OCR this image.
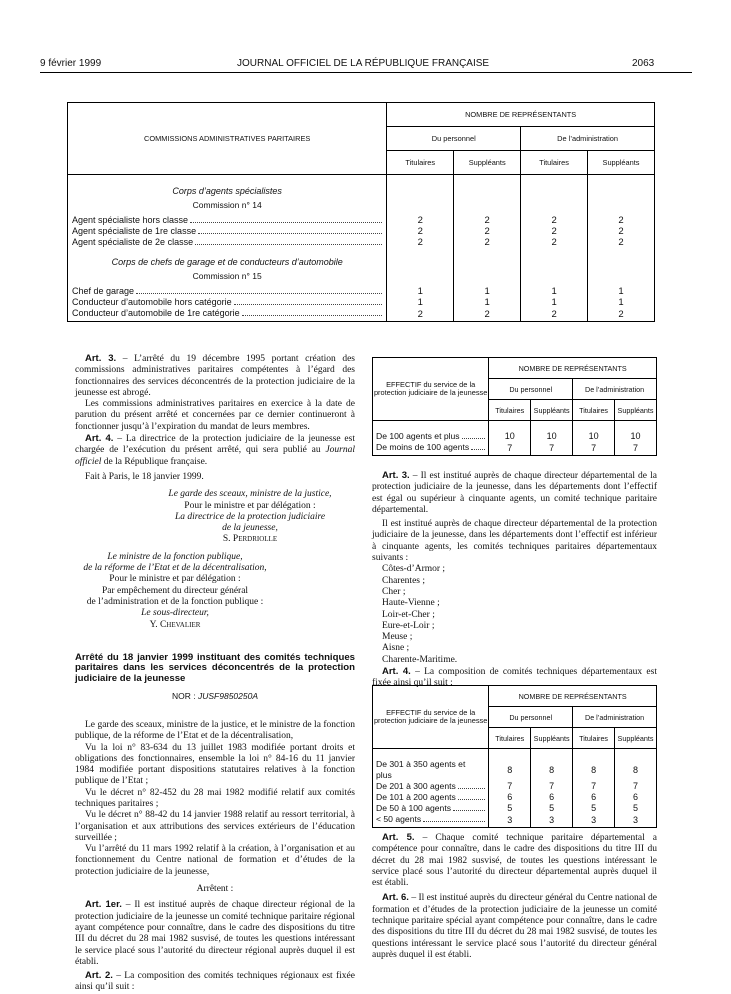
9 février 1999	JOURNAL OFFICIEL DE LA RÉPUBLIQUE FRANÇAISE	2063
COMMISSIONS ADMINISTRATIVES PARITAIRES	NOMBRE DE REPRÉSENTANTS			
	Du personnel		De l’administration	
	Titulaires	Suppléants	Titulaires	Suppléants
Corps d’agents spécialistes				
Commission n° 14				

Agent spécialiste hors classe	2	2	2	2

Agent spécialiste de 1re classe	2	2	2	2

Agent spécialiste de 2e classe	2	2	2	2
Corps de chefs de garage et de conducteurs d’automobile				
Commission n° 15				

Chef de garage	1	1	1	1

Conducteur d’automobile hors catégorie	1	1	1	1

Conducteur d’automobile de 1re catégorie	2	2	2	2

Art. 3. – L’arrêté du 19 décembre 1995 portant création des commissions administratives paritaires compétentes à l’égard des fonctionnaires des services déconcentrés de la protection judiciaire de la jeunesse est abrogé.

Les commissions administratives paritaires en exercice à la date de parution du présent arrêté et concernées par ce dernier continueront à fonctionner jusqu’à l’expiration du mandat de leurs membres.

Art. 4. – La directrice de la protection judiciaire de la jeunesse est chargée de l’exécution du présent arrêté, qui sera publié au Journal officiel de la République française.

Fait à Paris, le 18 janvier 1999.

Le garde des sceaux, ministre de la justice,
Pour le ministre et par délégation :
La directrice de la protection judiciaire
de la jeunesse,
S. Perdriolle
Le ministre de la fonction publique,
de la réforme de l’Etat et de la décentralisation,
Pour le ministre et par délégation :
Par empêchement du directeur général
de l’administration et de la fonction publique :
Le sous-directeur,
Y. Chevalier

Arrêté du 18 janvier 1999 instituant des comités techniques paritaires dans les services déconcentrés de la protection judiciaire de la jeunesse

NOR : JUSF9850250A

Le garde des sceaux, ministre de la justice, et le ministre de la fonction publique, de la réforme de l’Etat et de la décentralisation,

Vu la loi n° 83-634 du 13 juillet 1983 modifiée portant droits et obligations des fonctionnaires, ensemble la loi n° 84-16 du 11 janvier 1984 modifiée portant dispositions statutaires relatives à la fonction publique de l’Etat ;

Vu le décret n° 82-452 du 28 mai 1982 modifié relatif aux comités techniques paritaires ;

Vu le décret n° 88-42 du 14 janvier 1988 relatif au ressort territorial, à l’organisation et aux attributions des services extérieurs de l’éducation surveillée ;

Vu l’arrêté du 11 mars 1992 relatif à la création, à l’organisation et au fonctionnement du Centre national de formation et d’études de la protection judiciaire de la jeunesse,

Arrêtent :

Art. 1er. – Il est institué auprès de chaque directeur régional de la protection judiciaire de la jeunesse un comité technique paritaire régional ayant compétence pour connaître, dans le cadre des dispositions du titre III du décret du 28 mai 1982 susvisé, de toutes les questions intéressant le service placé sous l’autorité du directeur régional auprès duquel il est établi.

Art. 2. – La composition des comités techniques régionaux est fixée ainsi qu’il suit :

EFFECTIF du service de la protection judiciaire de la jeunesse	NOMBRE DE REPRÉSENTANTS			
	Du personnel		De l’administration	
	Titulaires	Suppléants	Titulaires	Suppléants

De 100 agents et plus	10	10	10	10

De moins de 100 agents	7	7	7	7

Art. 3. – Il est institué auprès de chaque directeur départemental de la protection judiciaire de la jeunesse, dans les départements dont l’effectif est égal ou supérieur à cinquante agents, un comité technique paritaire départemental.

Il est institué auprès de chaque directeur départemental de la protection judiciaire de la jeunesse, dans les départements dont l’effectif est inférieur à cinquante agents, les comités techniques paritaires départementaux suivants :

Côtes-d’Armor ;
Charentes ;
Cher ;
Haute-Vienne ;
Loir-et-Cher ;
Eure-et-Loir ;
Meuse ;
Aisne ;
Charente-Maritime.

Art. 4. – La composition de comités techniques départementaux est fixée ainsi qu’il suit :

EFFECTIF du service de la protection judiciaire de la jeunesse	NOMBRE DE REPRÉSENTANTS			
	Du personnel		De l’administration	
	Titulaires	Suppléants	Titulaires	Suppléants

De 301 à 350 agents et plus	8	8	8	8

De 201 à 300 agents	7	7	7	7

De 101 à 200 agents	6	6	6	6

De 50 à 100 agents	5	5	5	5

< 50 agents	3	3	3	3

Art. 5. – Chaque comité technique paritaire départemental a compétence pour connaître, dans le cadre des dispositions du titre III du décret du 28 mai 1982 susvisé, de toutes les questions intéressant le service placé sous l’autorité du directeur départemental auprès duquel il est établi.

Art. 6. – Il est institué auprès du directeur général du Centre national de formation et d’études de la protection judiciaire de la jeunesse un comité technique paritaire spécial ayant compétence pour connaître, dans le cadre des dispositions du titre III du décret du 28 mai 1982 susvisé, de toutes les questions intéressant le service placé sous l’autorité du directeur général auprès duquel il est établi.
